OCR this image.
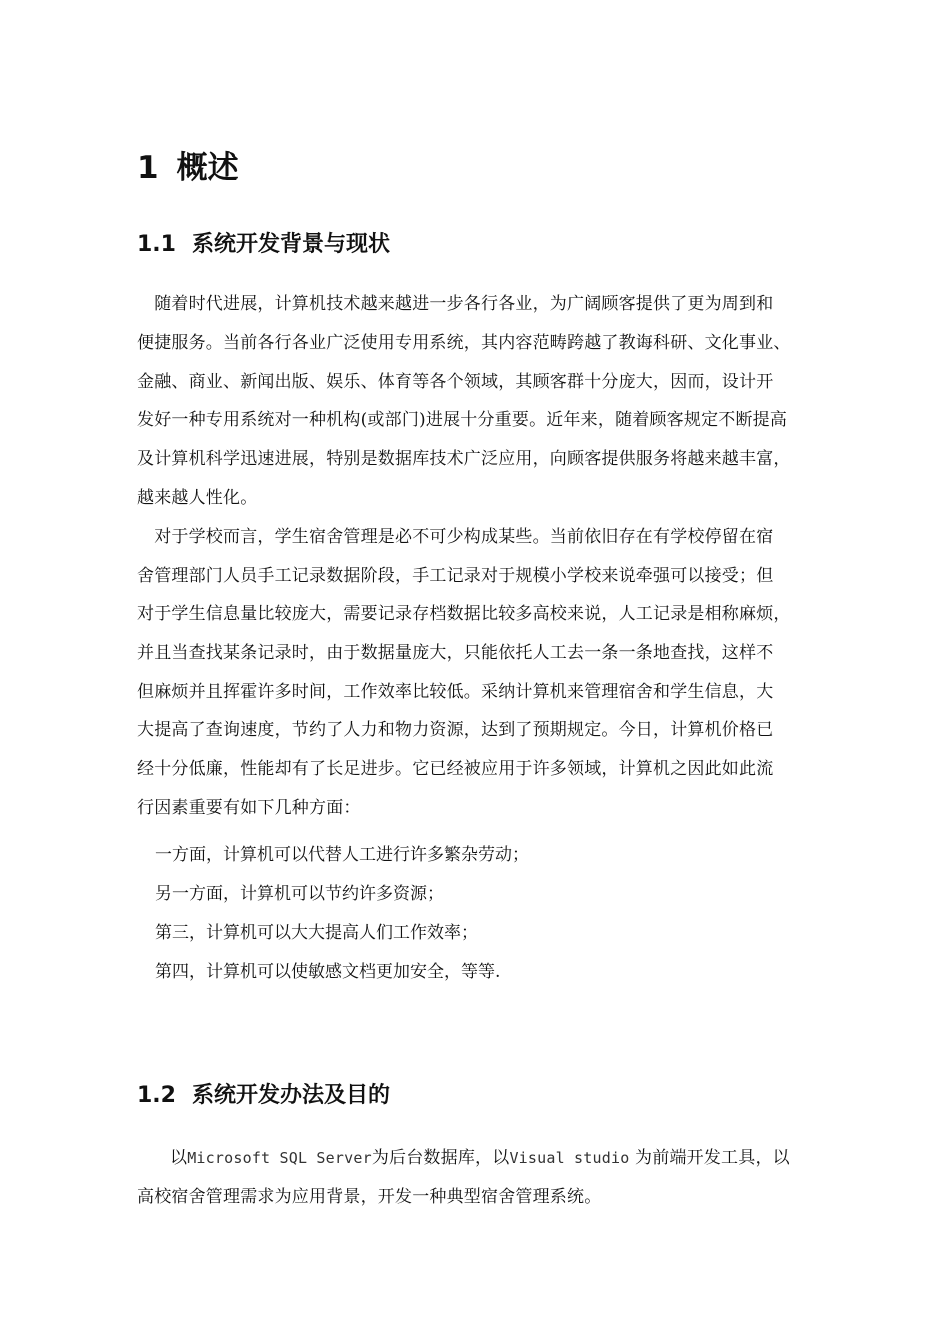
1 概述
1.1 系统开发背景与现状
　随着时代进展，计算机技术越来越进一步各行各业，为广阔顾客提供了更为周到和
便捷服务。当前各行各业广泛使用专用系统，其内容范畴跨越了教诲科研、文化事业、
金融、商业、新闻出版、娱乐、体育等各个领域，其顾客群十分庞大，因而，设计开
发好一种专用系统对一种机构(或部门)进展十分重要。近年来，随着顾客规定不断提高
及计算机科学迅速进展，特别是数据库技术广泛应用，向顾客提供服务将越来越丰富，
越来越人性化。
　对于学校而言，学生宿舍管理是必不可少构成某些。当前依旧存在有学校停留在宿
舍管理部门人员手工记录数据阶段，手工记录对于规模小学校来说牵强可以接受；但
对于学生信息量比较庞大，需要记录存档数据比较多高校来说，人工记录是相称麻烦，
并且当查找某条记录时，由于数据量庞大，只能依托人工去一条一条地查找，这样不
但麻烦并且挥霍许多时间，工作效率比较低。采纳计算机来管理宿舍和学生信息，大
大提高了查询速度，节约了人力和物力资源，达到了预期规定。今日，计算机价格已
经十分低廉，性能却有了长足进步。它已经被应用于许多领域，计算机之因此如此流
行因素重要有如下几种方面：
一方面，计算机可以代替人工进行许多繁杂劳动；
另一方面，计算机可以节约许多资源；
第三，计算机可以大大提高人们工作效率；
第四，计算机可以使敏感文档更加安全，等等.
1.2 系统开发办法及目的
以Microsoft SQL Server为后台数据库，以Visual studio 为前端开发工具，以
高校宿舍管理需求为应用背景，开发一种典型宿舍管理系统。
